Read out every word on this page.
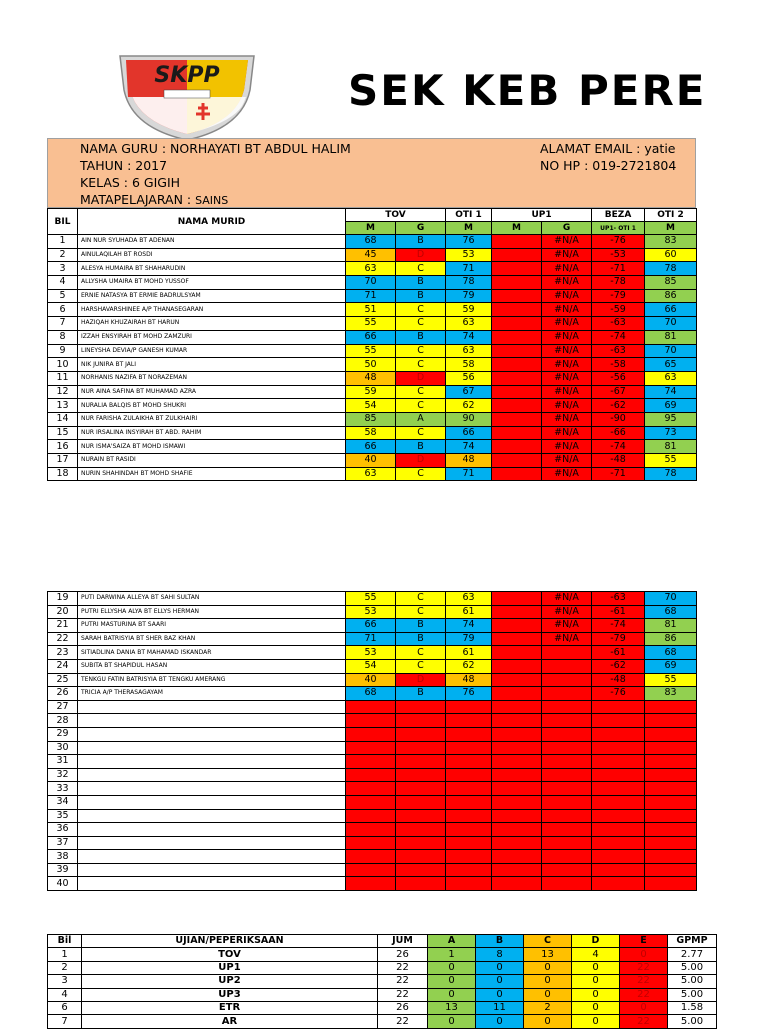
SKPP	SEK KEB PERE
NAMA GURU : NORHAYATI BT ABDUL HALIM
TAHUN : 2017
KELAS : 6 GIGIH
MATAPELAJARAN : SAINS
ALAMAT EMAIL : yatie
NO HP : 019-2721804
BIL	NAMA MURID	TOV		OTI 1	UP1		BEZA	OTI 2
		M	G	M	M	G	UP1- OTI 1	M
1	AIN NUR SYUHADA BT ADENAN	68	B	76		#N/A	-76	83
2	AINULAQILAH BT ROSDI	45	D	53		#N/A	-53	60
3	ALESYA HUMAIRA BT SHAHARUDIN	63	C	71		#N/A	-71	78
4	ALLYSHA UMAIRA BT MOHD YUSSOF	70	B	78		#N/A	-78	85
5	ERNIE NATASYA BT ERMIE BADRULSYAM	71	B	79		#N/A	-79	86
6	HARSHAVARSHINEE A/P THANASEGARAN	51	C	59		#N/A	-59	66
7	HAZIQAH KHUZAIRAH BT HARUN	55	C	63		#N/A	-63	70
8	IZZAH ENSYIRAH BT MOHD ZAMZURI	66	B	74		#N/A	-74	81
9	LINEYSHA DEVIA/P GANESH KUMAR	55	C	63		#N/A	-63	70
10	NIK JUNIRA BT JALI	50	C	58		#N/A	-58	65
11	NORHANIS NAZIFA BT NORAZEMAN	48	D	56		#N/A	-56	63
12	NUR AINA SAFINA BT MUHAMAD AZRA	59	C	67		#N/A	-67	74
13	NURALIA BALQIS BT MOHD SHUKRI	54	C	62		#N/A	-62	69
14	NUR FARISHA ZULAIKHA BT ZULKHAIRI	85	A	90		#N/A	-90	95
15	NUR IRSALINA INSYIRAH BT ABD. RAHIM	58	C	66		#N/A	-66	73
16	NUR ISMA'SAIZA BT MOHD ISMAWI	66	B	74		#N/A	-74	81
17	NURAIN BT RASIDI	40	D	48		#N/A	-48	55
18	NURIN SHAHINDAH BT MOHD SHAFIE	63	C	71		#N/A	-71	78
19	PUTI DARWINA ALLEYA BT SAHI SULTAN	55	C	63		#N/A	-63	70
20	PUTRI ELLYSHA ALYA BT ELLYS HERMAN	53	C	61		#N/A	-61	68
21	PUTRI MASTURINA BT SAARI	66	B	74		#N/A	-74	81
22	SARAH BATRISYIA BT SHER BAZ KHAN	71	B	79		#N/A	-79	86
23	SITIADLINA DANIA BT MAHAMAD ISKANDAR	53	C	61			-61	68
24	SUBITA BT SHAPIDUL HASAN	54	C	62			-62	69
25	TENKGU FATIN BATRISYIA BT TENGKU AMERANG	40	D	48			-48	55
26	TRICIA A/P THERASAGAYAM	68	B	76			-76	83
27								
28								
29								
30								
31								
32								
33								
34								
35								
36								
37								
38								
39								
40								
Bil	UJIAN/PEPERIKSAAN	JUM	A	B	C	D	E	GPMP
1	TOV	26	1	8	13	4	0	2.77
2	UP1	22	0	0	0	0	22	5.00
3	UP2	22	0	0	0	0	22	5.00
4	UP3	22	0	0	0	0	22	5.00
6	ETR	26	13	11	2	0	0	1.58
7	AR	22	0	0	0	0	22	5.00
